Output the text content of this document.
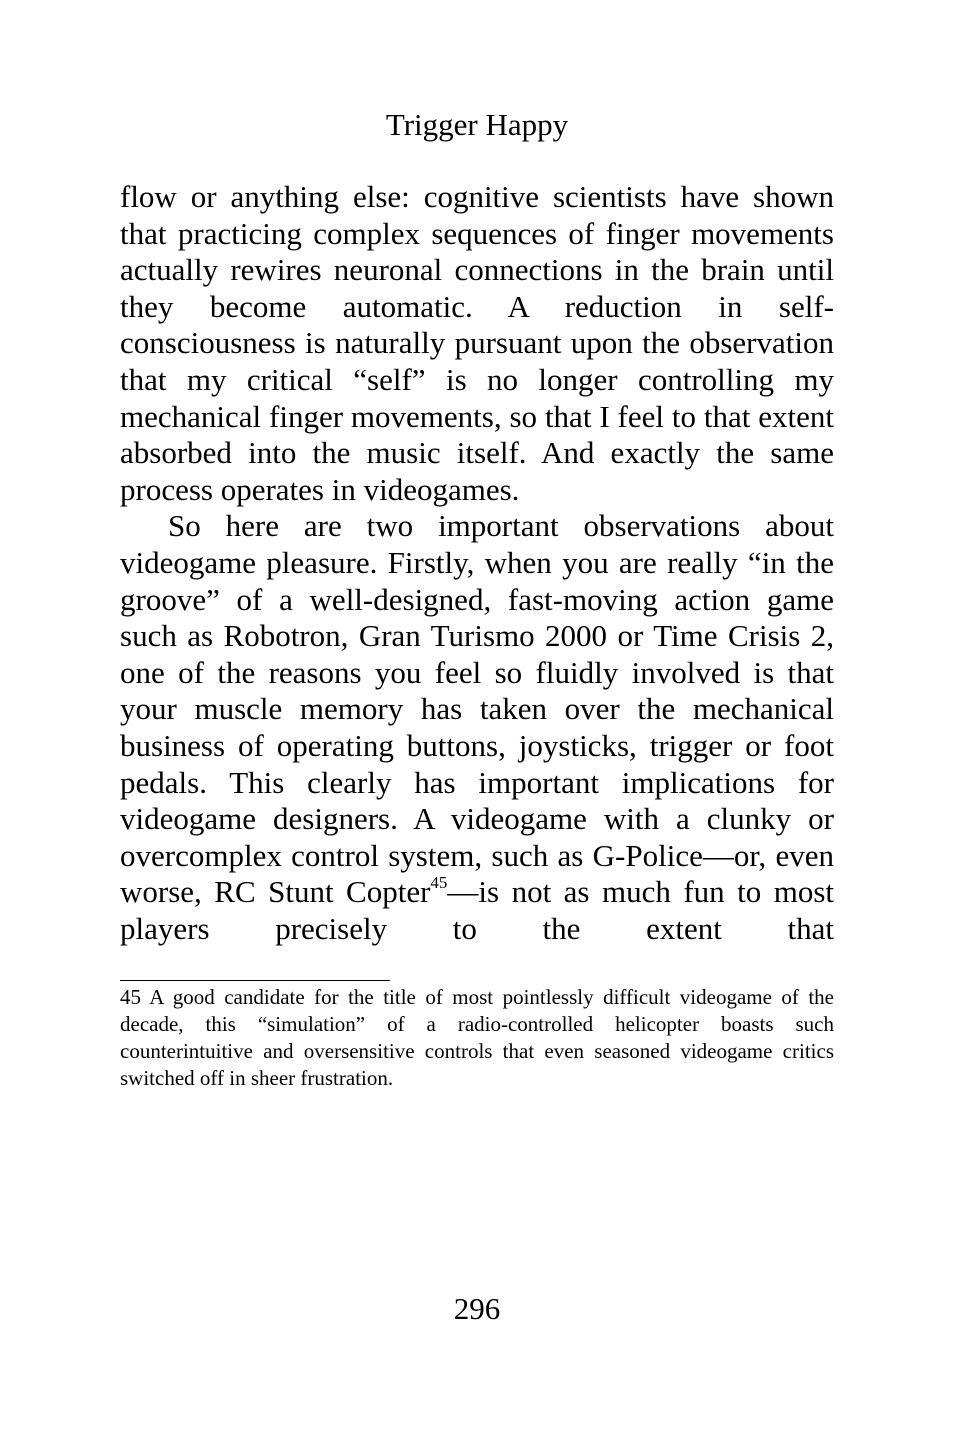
Trigger Happy

flow or anything else: cognitive scientists have shown that practicing complex sequences of finger movements actually rewires neuronal connections in the brain until they become automatic. A reduction in self-consciousness is naturally pursuant upon the observation that my critical “self” is no longer controlling my mechanical finger movements, so that I feel to that extent absorbed into the music itself. And exactly the same process operates in videogames.

So here are two important observations about videogame pleasure. Firstly, when you are really “in the groove” of a well-designed, fast-moving action game such as Robotron, Gran Turismo 2000 or Time Crisis 2, one of the reasons you feel so fluidly involved is that your muscle memory has taken over the mechanical business of operating buttons, joysticks, trigger or foot pedals. This clearly has important implications for videogame designers. A videogame with a clunky or overcomplex control system, such as G-Police—or, even worse, RC Stunt Copter$^{45}$—is not as much fun to most players precisely to the extent that

45 A good candidate for the title of most pointlessly difficult videogame of the decade, this “simulation” of a radio-controlled helicopter boasts such counterintuitive and oversensitive controls that even seasoned videogame critics switched off in sheer frustration.

296
